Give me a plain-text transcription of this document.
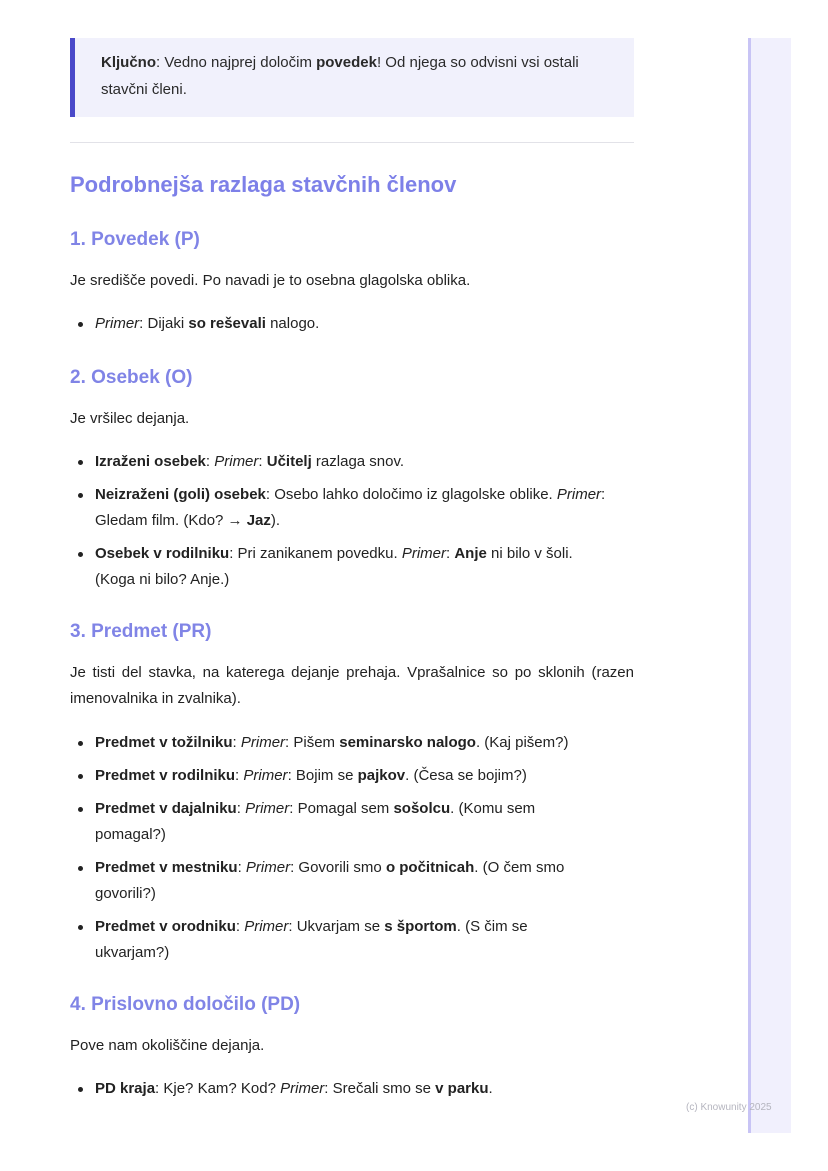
Ključno: Vedno najprej določim povedek! Od njega so odvisni vsi ostali stavčni členi.
Podrobnejša razlaga stavčnih členov
1. Povedek (P)

Je središče povedi. Po navadi je to osebna glagolska oblika.

Primer: Dijaki so reševali nalogo.
2. Osebek (O)

Je vršilec dejanja.

Izraženi osebek: Primer: Učitelj razlaga snov.
Neizraženi (goli) osebek: Osebo lahko določimo iz glagolske oblike. Primer: Gledam film. (Kdo? → Jaz).
Osebek v rodilniku: Pri zanikanem povedku. Primer: Anje ni bilo v šoli. (Koga ni bilo? Anje.)
3. Predmet (PR)

Je tisti del stavka, na katerega dejanje prehaja. Vprašalnice so po sklonih (razen imenovalnika in zvalnika).

Predmet v tožilniku: Primer: Pišem seminarsko nalogo. (Kaj pišem?)
Predmet v rodilniku: Primer: Bojim se pajkov. (Česa se bojim?)
Predmet v dajalniku: Primer: Pomagal sem sošolcu. (Komu sem pomagal?)
Predmet v mestniku: Primer: Govorili smo o počitnicah. (O čem smo govorili?)
Predmet v orodniku: Primer: Ukvarjam se s športom. (S čim se ukvarjam?)
4. Prislovno določilo (PD)

Pove nam okoliščine dejanja.

PD kraja: Kje? Kam? Kod? Primer: Srečali smo se v parku.
(c) Knowunity 2025
